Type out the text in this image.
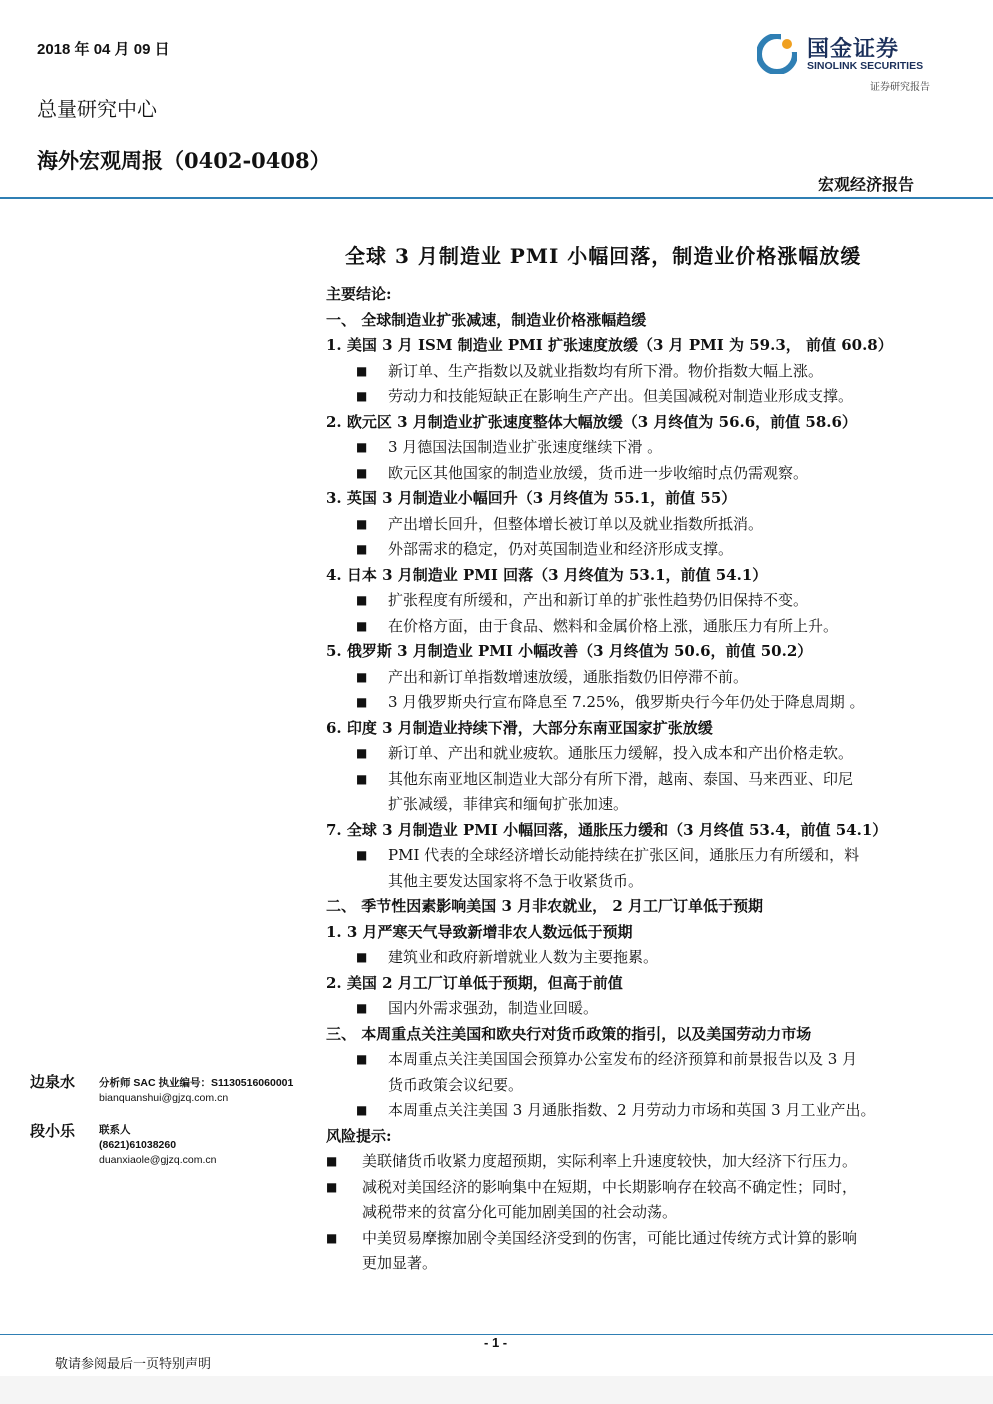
2018 年 04 月 09 日
总量研究中心
海外宏观周报（0402-0408）
国金证券
SINOLINK SECURITIES
证券研究报告
宏观经济报告
全球 3 月制造业 PMI 小幅回落，制造业价格涨幅放缓
主要结论:
一、 全球制造业扩张减速，制造业价格涨幅趋缓
1. 美国 3 月 ISM 制造业 PMI 扩张速度放缓（3 月 PMI 为 59.3， 前值 60.8）
■ 新订单、生产指数以及就业指数均有所下滑。物价指数大幅上涨。
■ 劳动力和技能短缺正在影响生产产出。但美国减税对制造业形成支撑。
2. 欧元区 3 月制造业扩张速度整体大幅放缓（3 月终值为 56.6，前值 58.6）
■ 3 月德国法国制造业扩张速度继续下滑 。
■ 欧元区其他国家的制造业放缓，货币进一步收缩时点仍需观察。
3. 英国 3 月制造业小幅回升（3 月终值为 55.1，前值 55）
■ 产出增长回升，但整体增长被订单以及就业指数所抵消。
■ 外部需求的稳定，仍对英国制造业和经济形成支撑。
4. 日本 3 月制造业 PMI 回落（3 月终值为 53.1，前值 54.1）
■ 扩张程度有所缓和，产出和新订单的扩张性趋势仍旧保持不变。
■ 在价格方面，由于食品、燃料和金属价格上涨，通胀压力有所上升。
5. 俄罗斯 3 月制造业 PMI 小幅改善（3 月终值为 50.6，前值 50.2）
■ 产出和新订单指数增速放缓，通胀指数仍旧停滞不前。
■ 3 月俄罗斯央行宣布降息至 7.25%，俄罗斯央行今年仍处于降息周期 。
6. 印度 3 月制造业持续下滑，大部分东南亚国家扩张放缓
■ 新订单、产出和就业疲软。通胀压力缓解，投入成本和产出价格走软。
■ 其他东南亚地区制造业大部分有所下滑，越南、泰国、马来西亚、印尼
扩张减缓，菲律宾和缅甸扩张加速。
7. 全球 3 月制造业 PMI 小幅回落，通胀压力缓和（3 月终值 53.4，前值 54.1）
■ PMI 代表的全球经济增长动能持续在扩张区间，通胀压力有所缓和，料
其他主要发达国家将不急于收紧货币。
二、 季节性因素影响美国 3 月非农就业， 2 月工厂订单低于预期
1. 3 月严寒天气导致新增非农人数远低于预期
■ 建筑业和政府新增就业人数为主要拖累。
2. 美国 2 月工厂订单低于预期，但高于前值
■ 国内外需求强劲，制造业回暖。
三、 本周重点关注美国和欧央行对货币政策的指引，以及美国劳动力市场
■ 本周重点关注美国国会预算办公室发布的经济预算和前景报告以及 3 月
货币政策会议纪要。
■ 本周重点关注美国 3 月通胀指数、2 月劳动力市场和英国 3 月工业产出。
风险提示:
■ 美联储货币收紧力度超预期，实际利率上升速度较快，加大经济下行压力。
■ 减税对美国经济的影响集中在短期，中长期影响存在较高不确定性；同时，
减税带来的贫富分化可能加剧美国的社会动荡。
■ 中美贸易摩擦加剧令美国经济受到的伤害，可能比通过传统方式计算的影响
更加显著。
边泉水 分析师 SAC 执业编号：S1130516060001
bianquanshui@gjzq.com.cn
段小乐 联系人
(8621)61038260
duanxiaole@gjzq.com.cn
- 1 -
敬请参阅最后一页特别声明
